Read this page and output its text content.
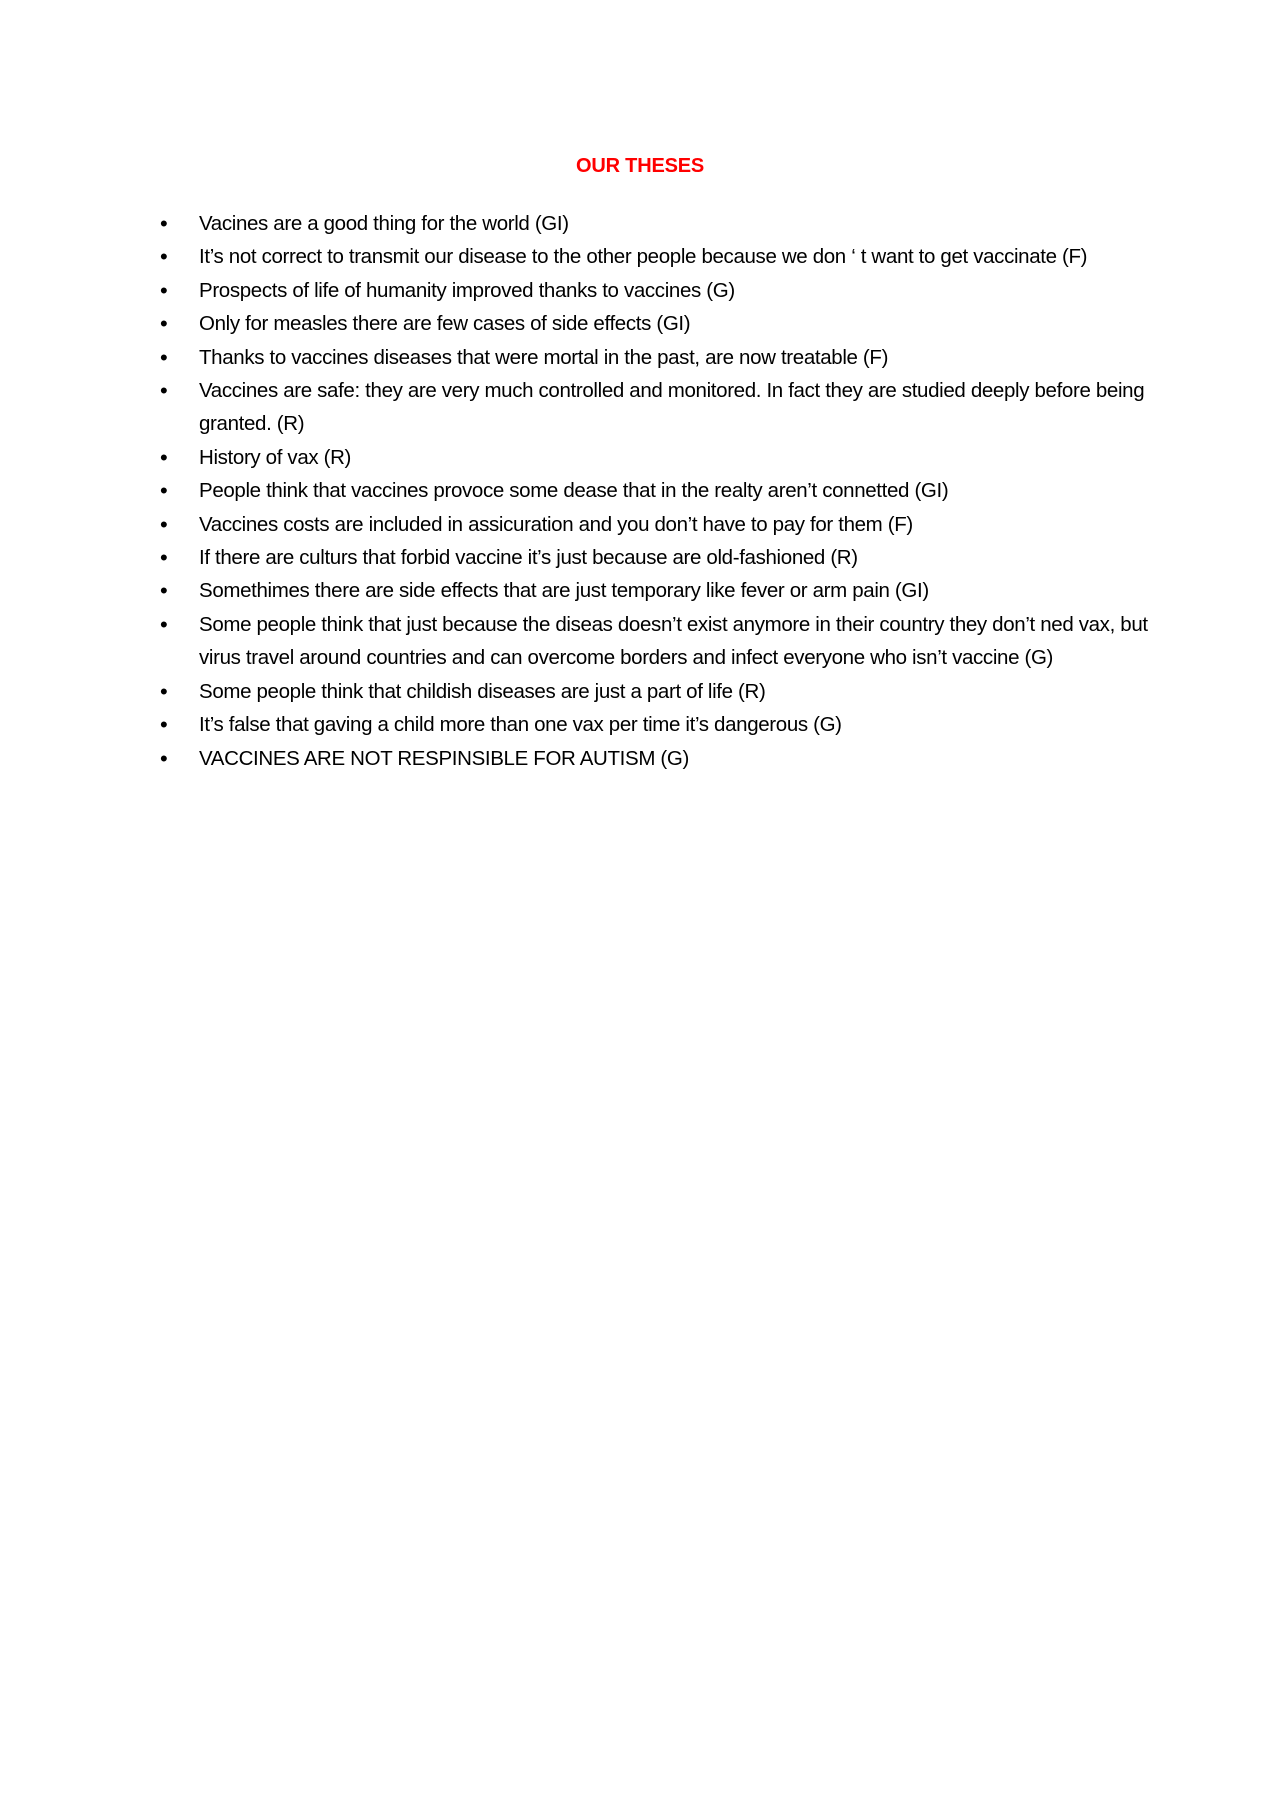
OUR THESES
•	Vacines are a good thing for the world (GI)
•	It’s not correct to transmit our disease to the other people because we don ‘ t want to get vaccinate (F)
•	Prospects of life of humanity improved thanks to vaccines (G)
•	Only for measles there are few cases of side effects (GI)
•	Thanks to vaccines diseases that were mortal in the past, are now treatable (F)
•	Vaccines are safe: they are very much controlled and monitored. In fact they are studied deeply before being granted. (R)
•	History of vax (R)
•	People think that vaccines provoce some dease that in the realty aren’t connetted (GI)
•	Vaccines costs are included in assicuration and you don’t have to pay for them (F)
•	If there are culturs that forbid vaccine it’s just because are old-fashioned (R)
•	Somethimes there are side effects that are just temporary like fever or arm pain (GI)
•	Some people think that just because the diseas doesn’t exist anymore in their country they don’t ned vax, but virus travel around countries and can overcome borders and infect everyone who isn’t vaccine (G)
•	Some people think that childish diseases are just a part of life (R)
•	It’s false that gaving a child more than one vax per time it’s dangerous (G)
•	VACCINES ARE NOT RESPINSIBLE FOR AUTISM (G)
